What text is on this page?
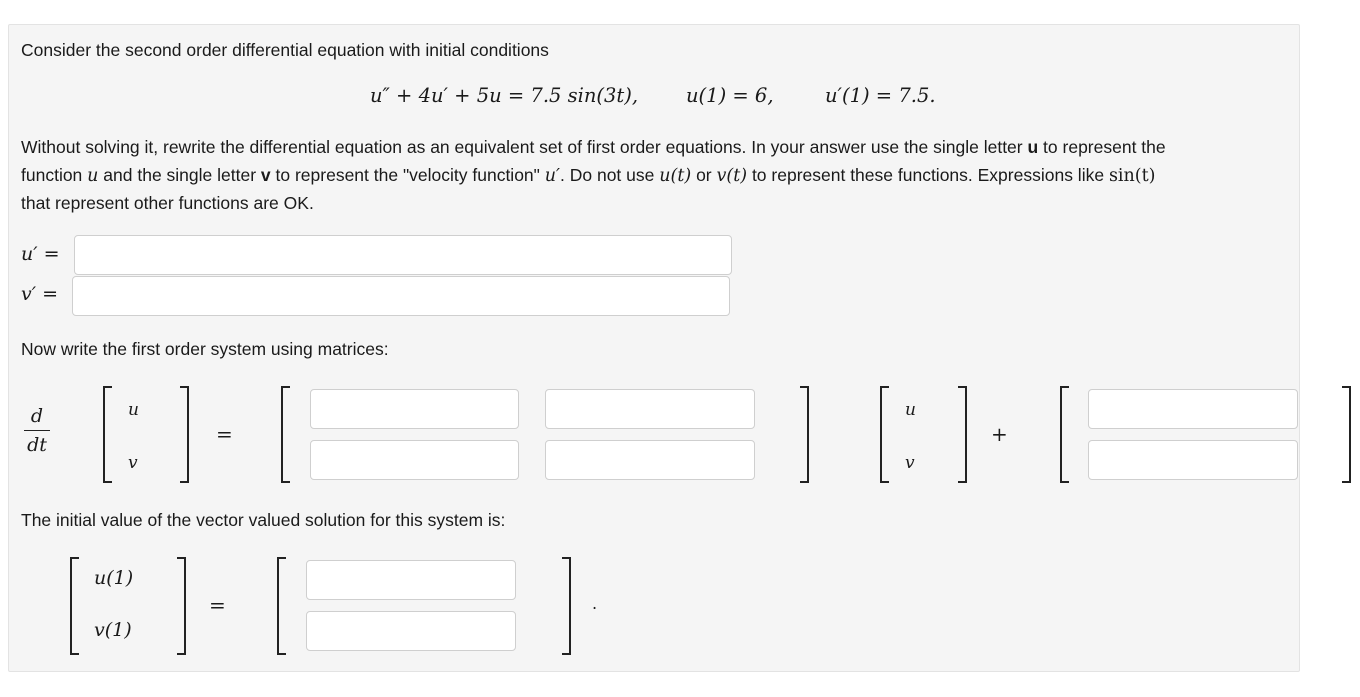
Consider the second order differential equation with initial conditions

u″ + 4u′ + 5u = 7.5 sin(3t), u(1) = 6,	u′(1) = 7.5.

Without solving it, rewrite the differential equation as an equivalent set of first order equations. In your answer use the single letter u to represent the
function u and the single letter v to represent the "velocity function" u′. Do not use u(t) or v(t) to represent these functions. Expressions like sin(t)
that represent other functions are OK.

u′ =
v′ =

Now write the first order system using matrices:

d
dt
u
v
=
u
v
+

The initial value of the vector valued solution for this system is:

u(1)
v(1)
=	.
